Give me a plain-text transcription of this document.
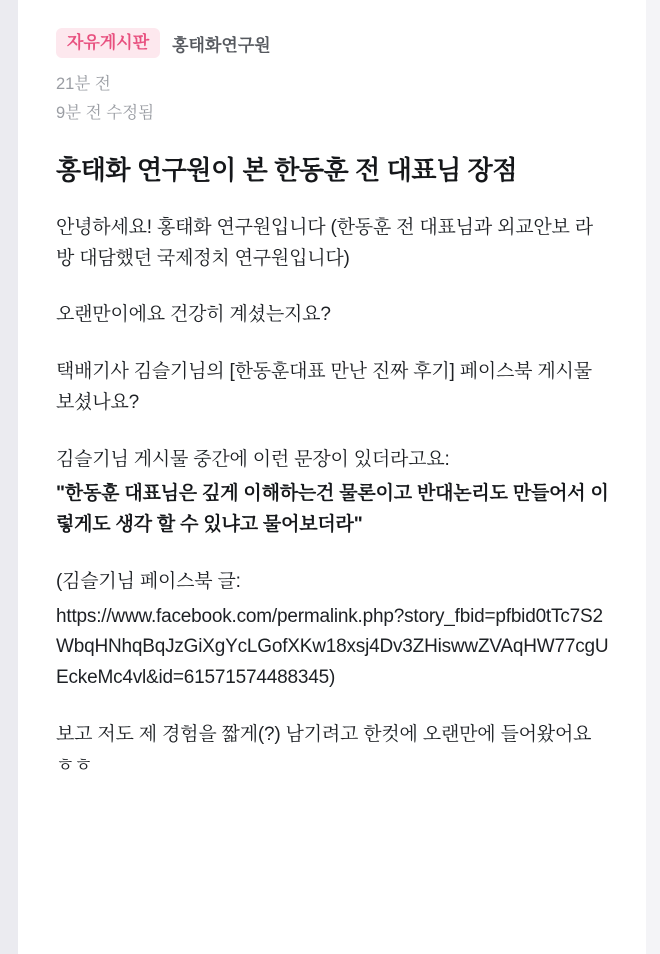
자유게시판	홍태화연구원
21분 전
9분 전 수정됨
홍태화 연구원이 본 한동훈 전 대표님 장점

안녕하세요! 홍태화 연구원입니다 (한동훈 전 대표님과 외교안보 라방 대담했던 국제정치 연구원입니다)

오랜만이에요 건강히 계셨는지요?

택배기사 김슬기님의 [한동훈대표 만난 진짜 후기] 페이스북 게시물 보셨나요?

김슬기님 게시물 중간에 이런 문장이 있더라고요:

"한동훈 대표님은 깊게 이해하는건 물론이고 반대논리도 만들어서 이렇게도 생각 할 수 있냐고 물어보더라"

(김슬기님 페이스북 글:

https://www.facebook.com/permalink.php?story_fbid=pfbid0tTc7S2WbqHNhqBqJzGiXgYcLGofXKw18xsj4Dv3ZHiswwZVAqHW77cgUEckeMc4vl&id=61571574488345)

보고 저도 제 경험을 짧게(?) 남기려고 한컷에 오랜만에 들어왔어요 ㅎㅎ
